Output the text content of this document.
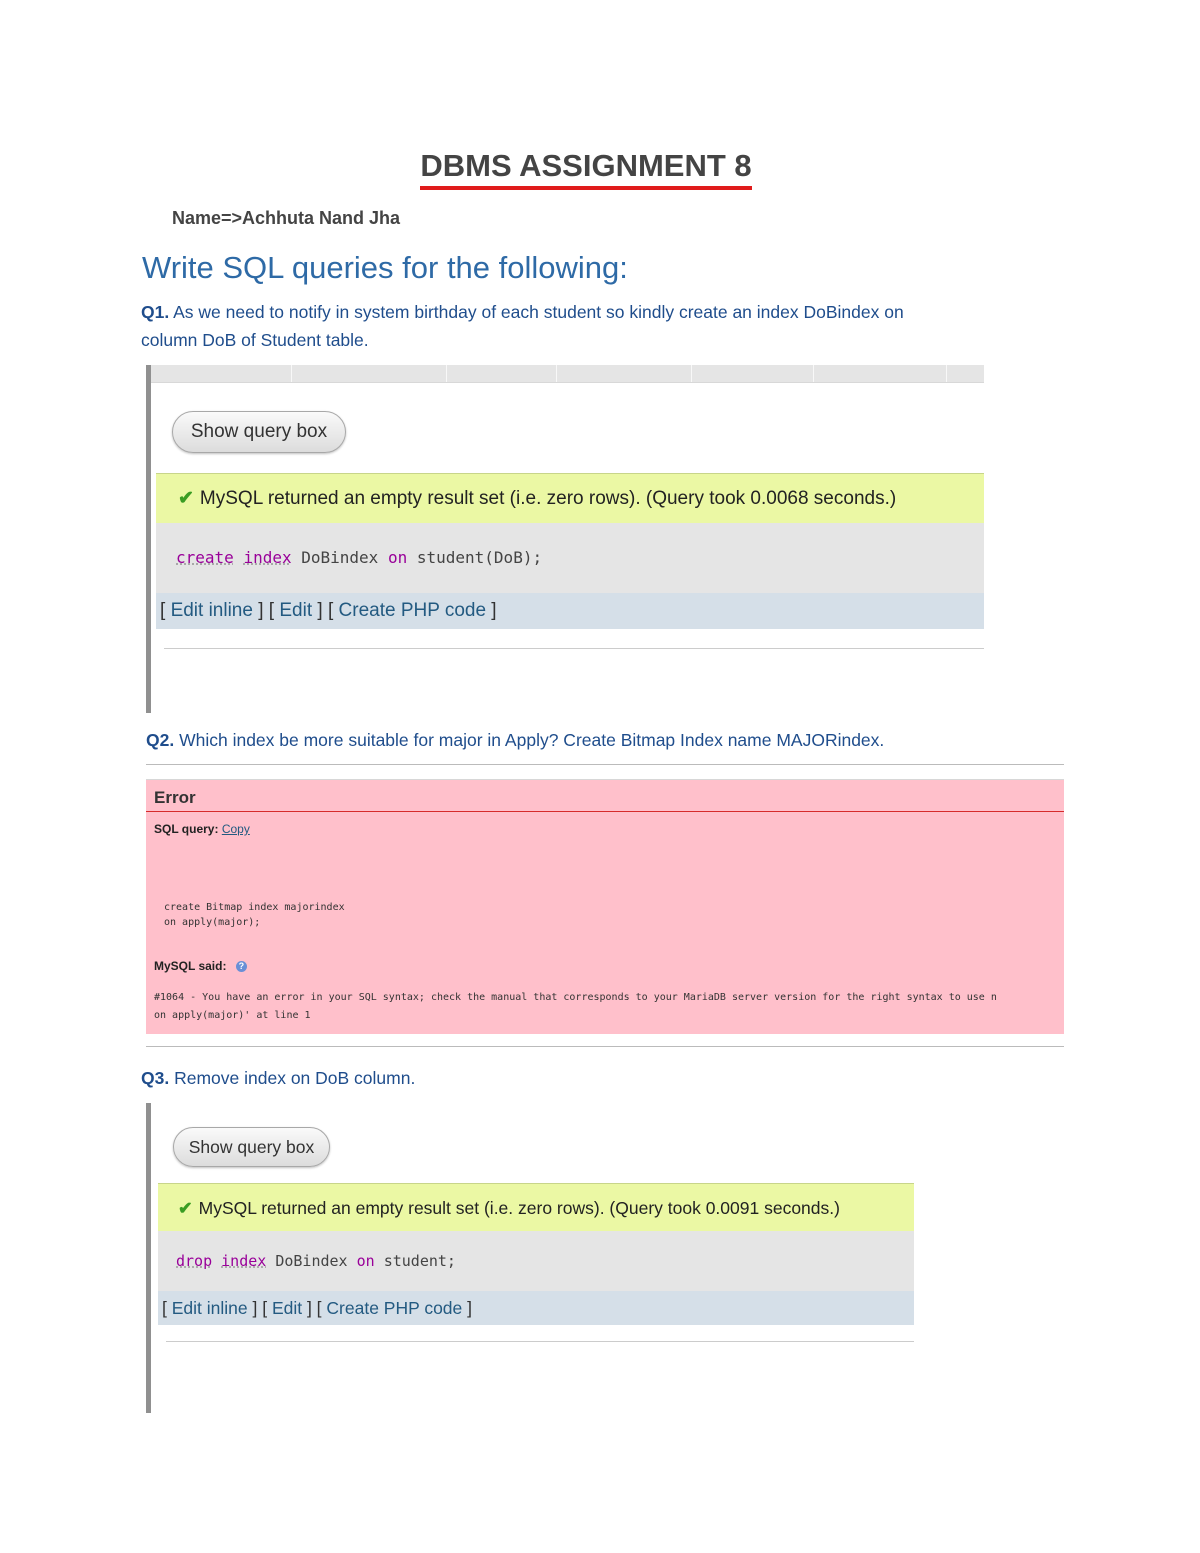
DBMS ASSIGNMENT 8
Name=>Achhuta Nand Jha
Write SQL queries for the following:
Q1. As we need to notify in system birthday of each student so kindly create an index DoBindex on
column DoB of Student table.
Show query box
✔ MySQL returned an empty result set (i.e. zero rows). (Query took 0.0068 seconds.)
create index DoBindex on student(DoB);
[ Edit inline ] [ Edit ] [ Create PHP code ]
Q2. Which index be more suitable for major in Apply? Create Bitmap Index name MAJORindex.
Error
SQL query: Copy
create Bitmap index majorindex
on apply(major);
MySQL said: ?
#1064 - You have an error in your SQL syntax; check the manual that corresponds to your MariaDB server version for the right syntax to use n
on apply(major)' at line 1
Q3. Remove index on DoB column.
Show query box
✔ MySQL returned an empty result set (i.e. zero rows). (Query took 0.0091 seconds.)
drop index DoBindex on student;
[ Edit inline ] [ Edit ] [ Create PHP code ]
